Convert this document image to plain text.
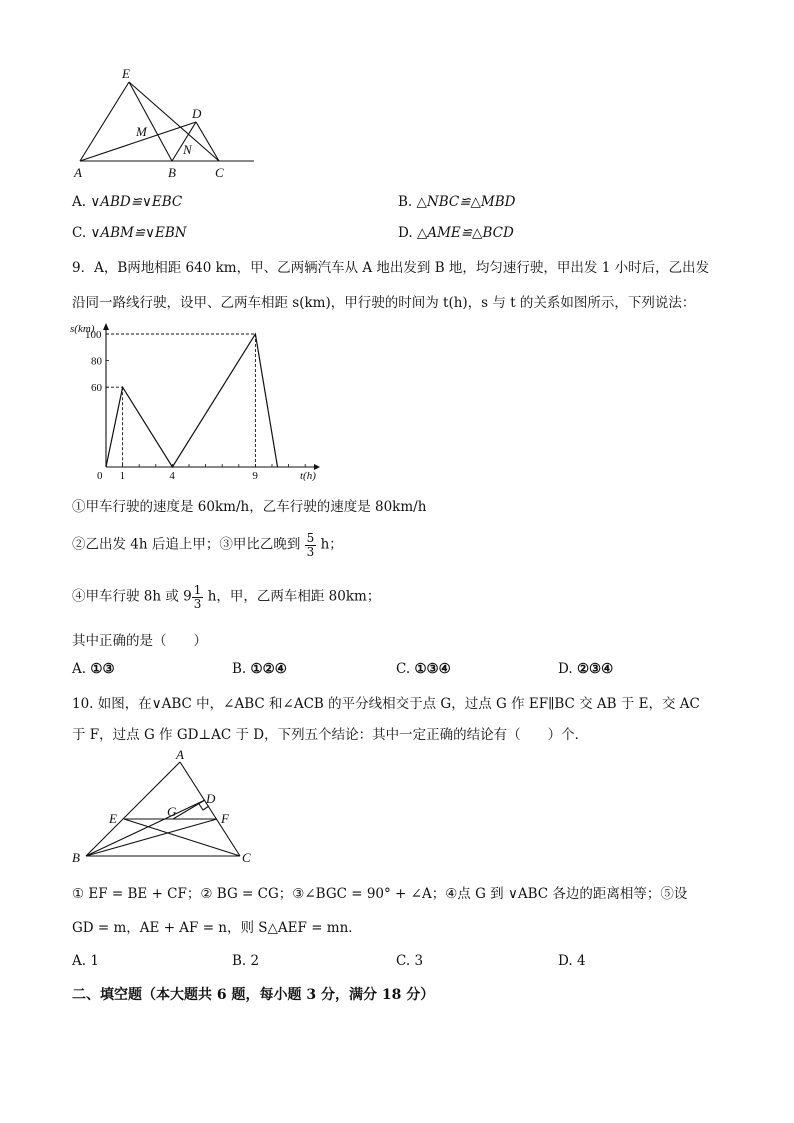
E
D
M
N
A	B	C
A. ∨ABD≌∨EBC	B. △NBC≌△MBD
C. ∨ABM≌∨EBN	D. △AME≌△BCD
9．A，B两地相距 640 km，甲、乙两辆汽车从 A 地出发到 B 地，均匀速行驶，甲出发 1 小时后，乙出发
沿同一路线行驶，设甲、乙两车相距 s(km)，甲行驶的时间为 t(h)，s 与 t 的关系如图所示，下列说法：
1	4	9
60
80
100
0	t(h)
s(km)
①甲车行驶的速度是 60km/h，乙车行驶的速度是 80km/h
②乙出发 4h 后追上甲；③甲比乙晚到 $\frac{5}{3}$ h；
④甲车行驶 8h 或 $9 \frac{1}{3}$ h，甲，乙两车相距 80km；
其中正确的是（　　）
A. ①③	B. ①②④	C. ①③④	D. ②③④
10. 如图，在∨ABC 中，∠ABC 和∠ACB 的平分线相交于点 G，过点 G 作 EF∥BC 交 AB 于 E，交 AC
于 F，过点 G 作 GD⊥AC 于 D，下列五个结论：其中一定正确的结论有（　　）个．
A
D
E	G	F
B	C
① EF = BE + CF；② BG = CG；③∠BGC = 90° + ∠A；④点 G 到 ∨ABC 各边的距离相等；⑤设
GD = m，AE + AF = n，则 S△AEF = mn．
A. 1	B. 2	C. 3	D. 4
二、填空题（本大题共 6 题，每小题 3 分，满分 18 分）
